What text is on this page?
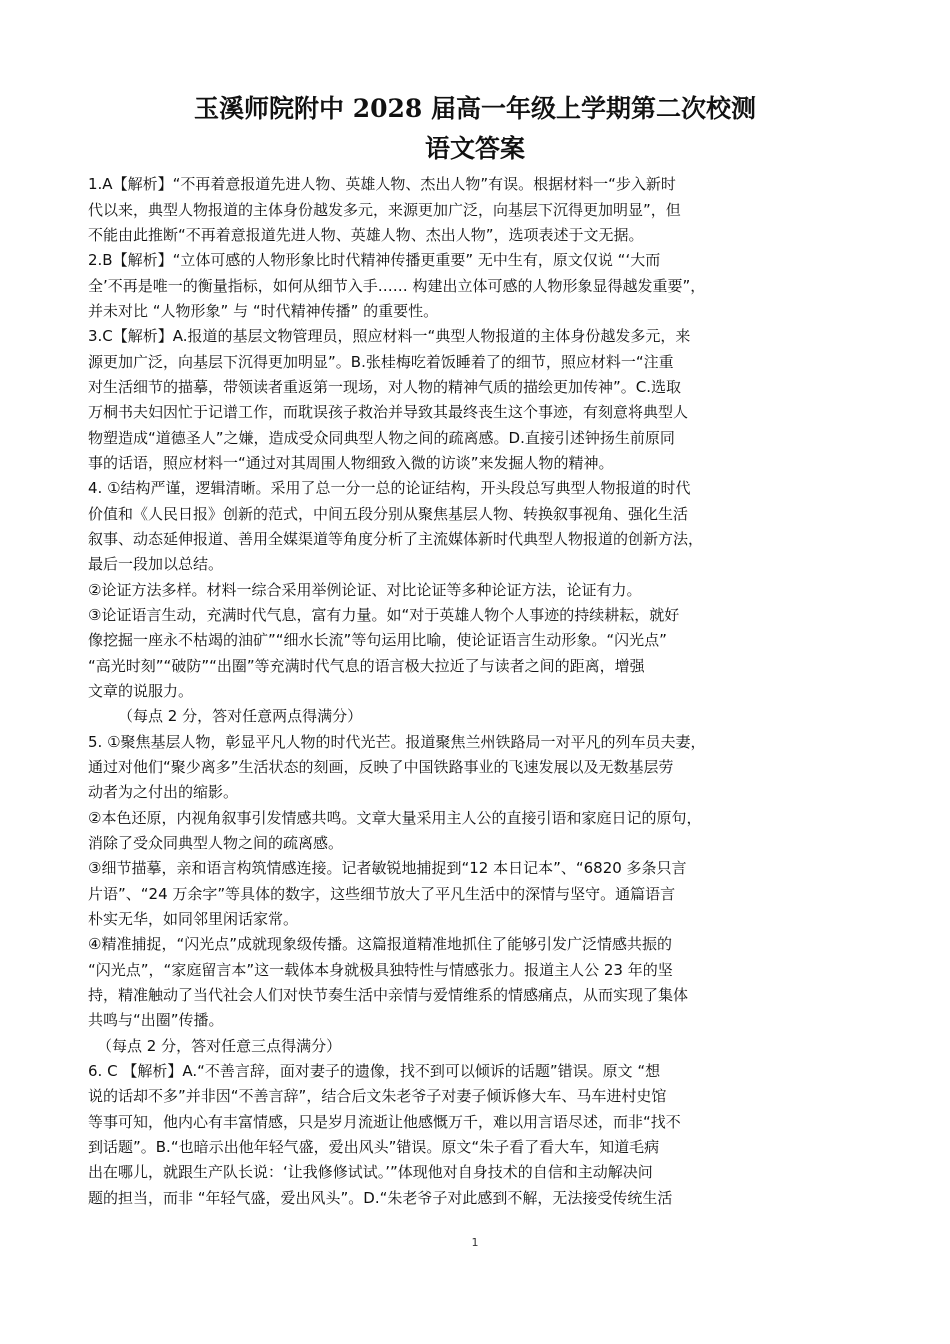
玉溪师院附中 2028 届高一年级上学期第二次校测
语文答案
1.A【解析】“不再着意报道先进人物、英雄人物、杰出人物”有误。根据材料一“步入新时
代以来，典型人物报道的主体身份越发多元，来源更加广泛，向基层下沉得更加明显”，但
不能由此推断“不再着意报道先进人物、英雄人物、杰出人物”，选项表述于文无据。
2.B【解析】“立体可感的人物形象比时代精神传播更重要” 无中生有，原文仅说 “‘大而
全’不再是唯一的衡量指标，如何从细节入手…… 构建出立体可感的人物形象显得越发重要”，
并未对比 “人物形象” 与 “时代精神传播” 的重要性。
3.C【解析】A.报道的基层文物管理员，照应材料一“典型人物报道的主体身份越发多元，来
源更加广泛，向基层下沉得更加明显”。B.张桂梅吃着饭睡着了的细节，照应材料一“注重
对生活细节的描摹，带领读者重返第一现场，对人物的精神气质的描绘更加传神”。C.选取
万桐书夫妇因忙于记谱工作，而耽误孩子救治并导致其最终丧生这个事迹，有刻意将典型人
物塑造成“道德圣人”之嫌，造成受众同典型人物之间的疏离感。D.直接引述钟扬生前原同
事的话语，照应材料一“通过对其周围人物细致入微的访谈”来发掘人物的精神。
4. ①结构严谨，逻辑清晰。采用了总一分一总的论证结构，开头段总写典型人物报道的时代
价值和《人民日报》创新的范式，中间五段分别从聚焦基层人物、转换叙事视角、强化生活
叙事、动态延伸报道、善用全媒渠道等角度分析了主流媒体新时代典型人物报道的创新方法，
最后一段加以总结。
②论证方法多样。材料一综合采用举例论证、对比论证等多种论证方法，论证有力。
③论证语言生动，充满时代气息，富有力量。如“对于英雄人物个人事迹的持续耕耘，就好
像挖掘一座永不枯竭的油矿”“细水长流”等句运用比喻，使论证语言生动形象。“闪光点”
“高光时刻”“破防”“出圈”等充满时代气息的语言极大拉近了与读者之间的距离，增强
文章的说服力。
（每点 2 分，答对任意两点得满分）
5. ①聚焦基层人物，彰显平凡人物的时代光芒。报道聚焦兰州铁路局一对平凡的列车员夫妻，
通过对他们“聚少离多”生活状态的刻画，反映了中国铁路事业的飞速发展以及无数基层劳
动者为之付出的缩影。
②本色还原，内视角叙事引发情感共鸣。文章大量采用主人公的直接引语和家庭日记的原句，
消除了受众同典型人物之间的疏离感。
③细节描摹，亲和语言构筑情感连接。记者敏锐地捕捉到“12 本日记本”、“6820 多条只言
片语”、“24 万余字”等具体的数字，这些细节放大了平凡生活中的深情与坚守。通篇语言
朴实无华，如同邻里闲话家常。
④精准捕捉，“闪光点”成就现象级传播。这篇报道精准地抓住了能够引发广泛情感共振的
“闪光点”，“家庭留言本”这一载体本身就极具独特性与情感张力。报道主人公 23 年的坚
持，精准触动了当代社会人们对快节奏生活中亲情与爱情维系的情感痛点，从而实现了集体
共鸣与“出圈”传播。
（每点 2 分，答对任意三点得满分）
6. C 【解析】A.“不善言辞，面对妻子的遗像，找不到可以倾诉的话题”错误。原文 “想
说的话却不多”并非因“不善言辞”，结合后文朱老爷子对妻子倾诉修大车、马车进村史馆
等事可知，他内心有丰富情感，只是岁月流逝让他感慨万千，难以用言语尽述，而非“找不
到话题”。B.“也暗示出他年轻气盛，爱出风头”错误。原文“朱子看了看大车，知道毛病
出在哪儿，就跟生产队长说：‘让我修修试试。’”体现他对自身技术的自信和主动解决问
题的担当，而非 “年轻气盛，爱出风头”。D.“朱老爷子对此感到不解，无法接受传统生活
1
